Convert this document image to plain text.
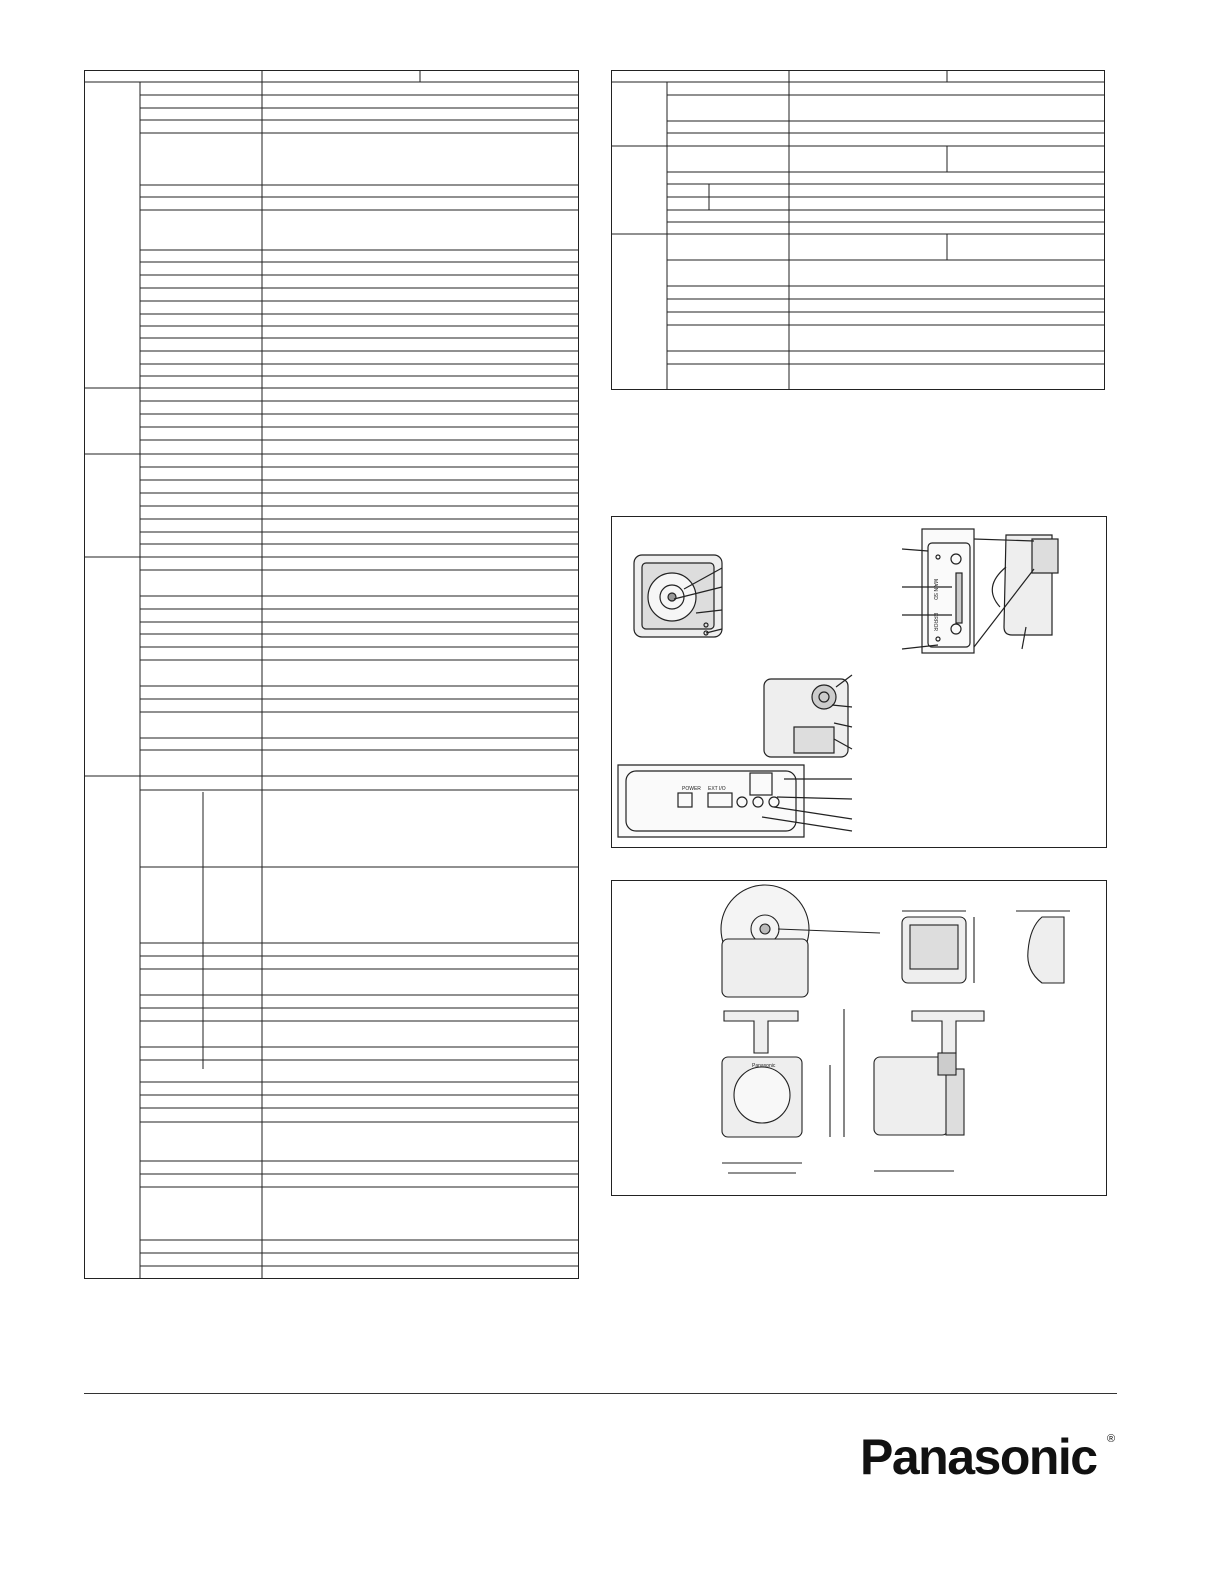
MAIN SD
ERROR
POWER EXT I/O
Panasonic
Panasonic ®
